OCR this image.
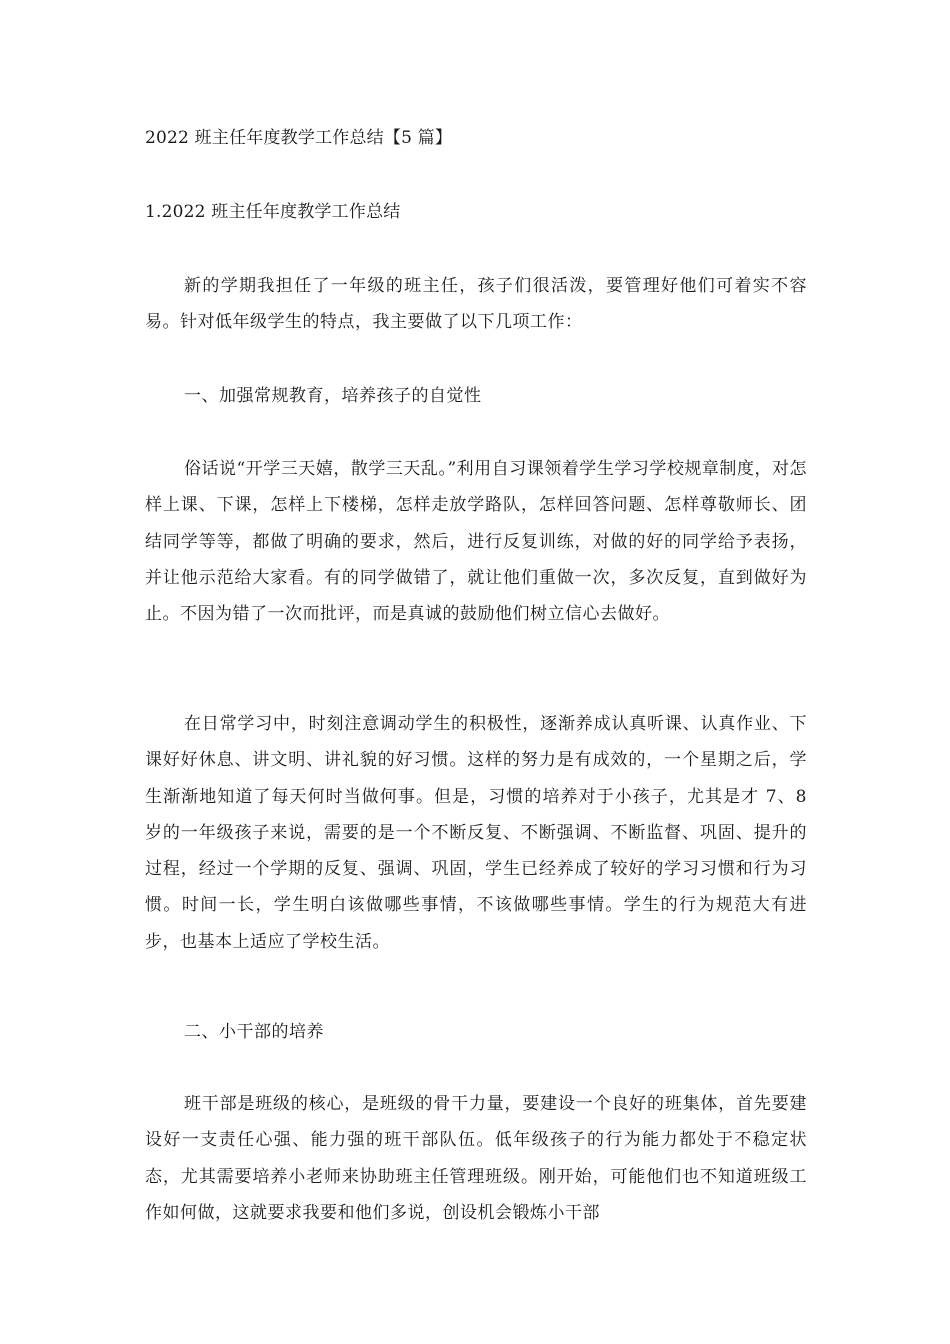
2022 班主任年度教学工作总结【5 篇】
1.2022 班主任年度教学工作总结

新的学期我担任了一年级的班主任，孩子们很活泼，要管理好他们可着实不容易。针对低年级学生的特点，我主要做了以下几项工作：

一、加强常规教育，培养孩子的自觉性

俗话说“开学三天嬉，散学三天乱。”利用自习课领着学生学习学校规章制度，对怎样上课、下课，怎样上下楼梯，怎样走放学路队，怎样回答问题、怎样尊敬师长、团结同学等等，都做了明确的要求，然后，进行反复训练，对做的好的同学给予表扬，并让他示范给大家看。有的同学做错了，就让他们重做一次，多次反复，直到做好为止。不因为错了一次而批评，而是真诚的鼓励他们树立信心去做好。

在日常学习中，时刻注意调动学生的积极性，逐渐养成认真听课、认真作业、下课好好休息、讲文明、讲礼貌的好习惯。这样的努力是有成效的，一个星期之后，学生渐渐地知道了每天何时当做何事。但是，习惯的培养对于小孩子，尤其是才 7、8 岁的一年级孩子来说，需要的是一个不断反复、不断强调、不断监督、巩固、提升的过程，经过一个学期的反复、强调、巩固，学生已经养成了较好的学习习惯和行为习惯。时间一长，学生明白该做哪些事情，不该做哪些事情。学生的行为规范大有进步，也基本上适应了学校生活。

二、小干部的培养

班干部是班级的核心，是班级的骨干力量，要建设一个良好的班集体，首先要建设好一支责任心强、能力强的班干部队伍。低年级孩子的行为能力都处于不稳定状态，尤其需要培养小老师来协助班主任管理班级。刚开始，可能他们也不知道班级工作如何做，这就要求我要和他们多说，创设机会锻炼小干部
